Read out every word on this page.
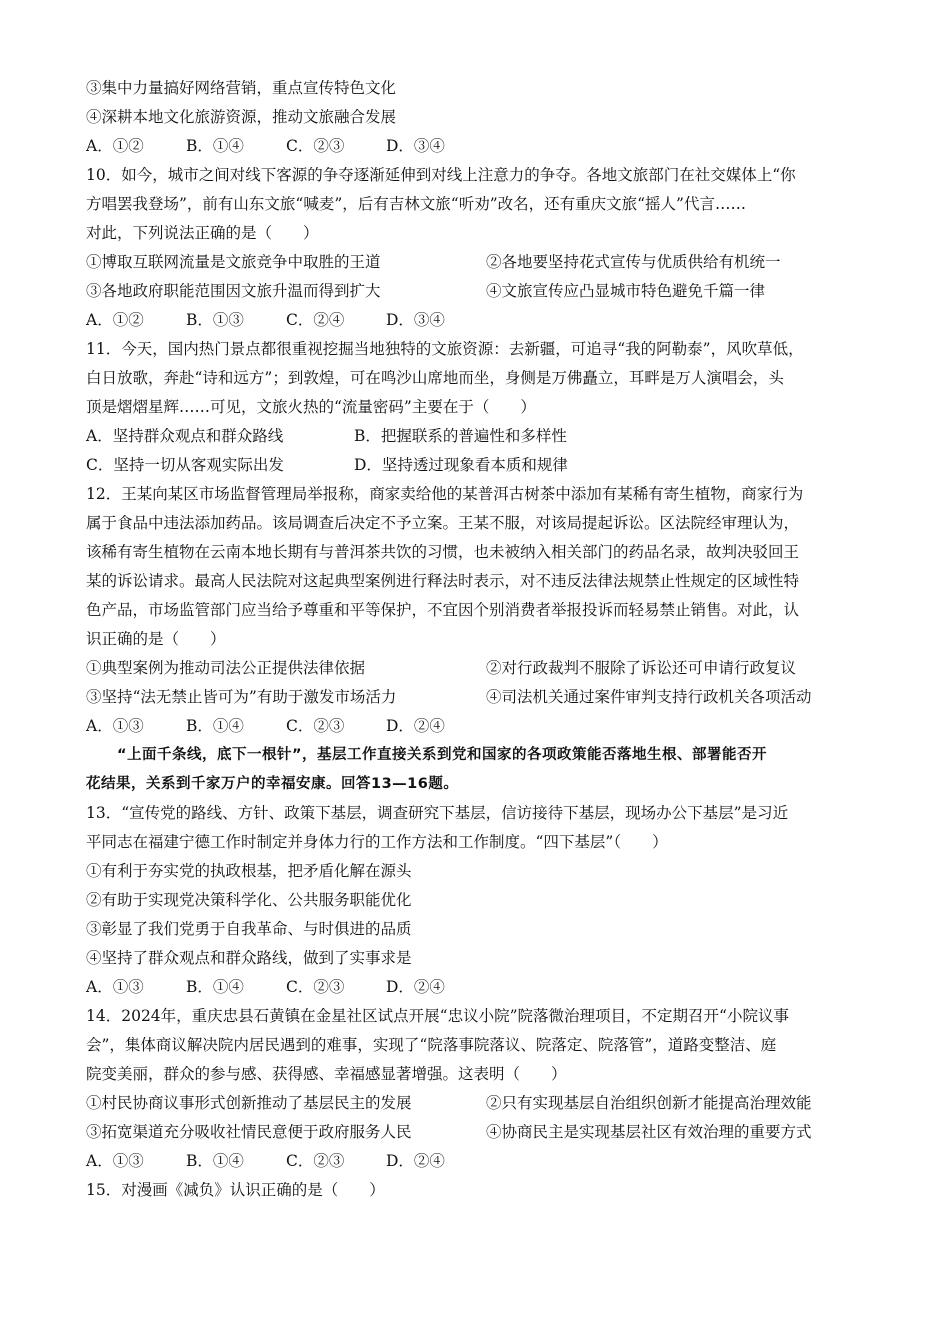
③集中力量搞好网络营销，重点宣传特色文化
④深耕本地文化旅游资源，推动文旅融合发展
A．①②	B．①④	C．②③	D．③④
10．如今，城市之间对线下客源的争夺逐渐延伸到对线上注意力的争夺。各地文旅部门在社交媒体上“你
方唱罢我登场”，前有山东文旅“喊麦”，后有吉林文旅“听劝”改名，还有重庆文旅“摇人”代言……
对此，下列说法正确的是（　　）
①博取互联网流量是文旅竞争中取胜的王道	②各地要坚持花式宣传与优质供给有机统一
③各地政府职能范围因文旅升温而得到扩大	④文旅宣传应凸显城市特色避免千篇一律
A．①②	B．①③	C．②④	D．③④
11．今天，国内热门景点都很重视挖掘当地独特的文旅资源：去新疆，可追寻“我的阿勒泰”，风吹草低，
白日放歌，奔赴“诗和远方”；到敦煌，可在鸣沙山席地而坐，身侧是万佛矗立，耳畔是万人演唱会，头
顶是熠熠星辉……可见，文旅火热的“流量密码”主要在于（　　）
A．坚持群众观点和群众路线	B．把握联系的普遍性和多样性
C．坚持一切从客观实际出发	D．坚持透过现象看本质和规律
12．王某向某区市场监督管理局举报称，商家卖给他的某普洱古树茶中添加有某稀有寄生植物，商家行为
属于食品中违法添加药品。该局调查后决定不予立案。王某不服，对该局提起诉讼。区法院经审理认为，
该稀有寄生植物在云南本地长期有与普洱茶共饮的习惯，也未被纳入相关部门的药品名录，故判决驳回王
某的诉讼请求。最高人民法院对这起典型案例进行释法时表示，对不违反法律法规禁止性规定的区域性特
色产品，市场监管部门应当给予尊重和平等保护，不宜因个别消费者举报投诉而轻易禁止销售。对此，认
识正确的是（　　）
①典型案例为推动司法公正提供法律依据	②对行政裁判不服除了诉讼还可申请行政复议
③坚持“法无禁止皆可为”有助于激发市场活力	④司法机关通过案件审判支持行政机关各项活动
A．①③	B．①④	C．②③	D．②④
“上面千条线，底下一根针”，基层工作直接关系到党和国家的各项政策能否落地生根、部署能否开
花结果，关系到千家万户的幸福安康。回答13—16题。
13．“宣传党的路线、方针、政策下基层，调查研究下基层，信访接待下基层，现场办公下基层”是习近
平同志在福建宁德工作时制定并身体力行的工作方法和工作制度。“四下基层”（　　）
①有利于夯实党的执政根基，把矛盾化解在源头
②有助于实现党决策科学化、公共服务职能优化
③彰显了我们党勇于自我革命、与时俱进的品质
④坚持了群众观点和群众路线，做到了实事求是
A．①③	B．①④	C．②③	D．②④
14．2024年，重庆忠县石黄镇在金星社区试点开展“忠议小院”院落微治理项目，不定期召开“小院议事
会”，集体商议解决院内居民遇到的难事，实现了“院落事院落议、院落定、院落管”，道路变整洁、庭
院变美丽，群众的参与感、获得感、幸福感显著增强。这表明（　　）
①村民协商议事形式创新推动了基层民主的发展	②只有实现基层自治组织创新才能提高治理效能
③拓宽渠道充分吸收社情民意便于政府服务人民	④协商民主是实现基层社区有效治理的重要方式
A．①③	B．①④	C．②③	D．②④
15．对漫画《减负》认识正确的是（　　）
